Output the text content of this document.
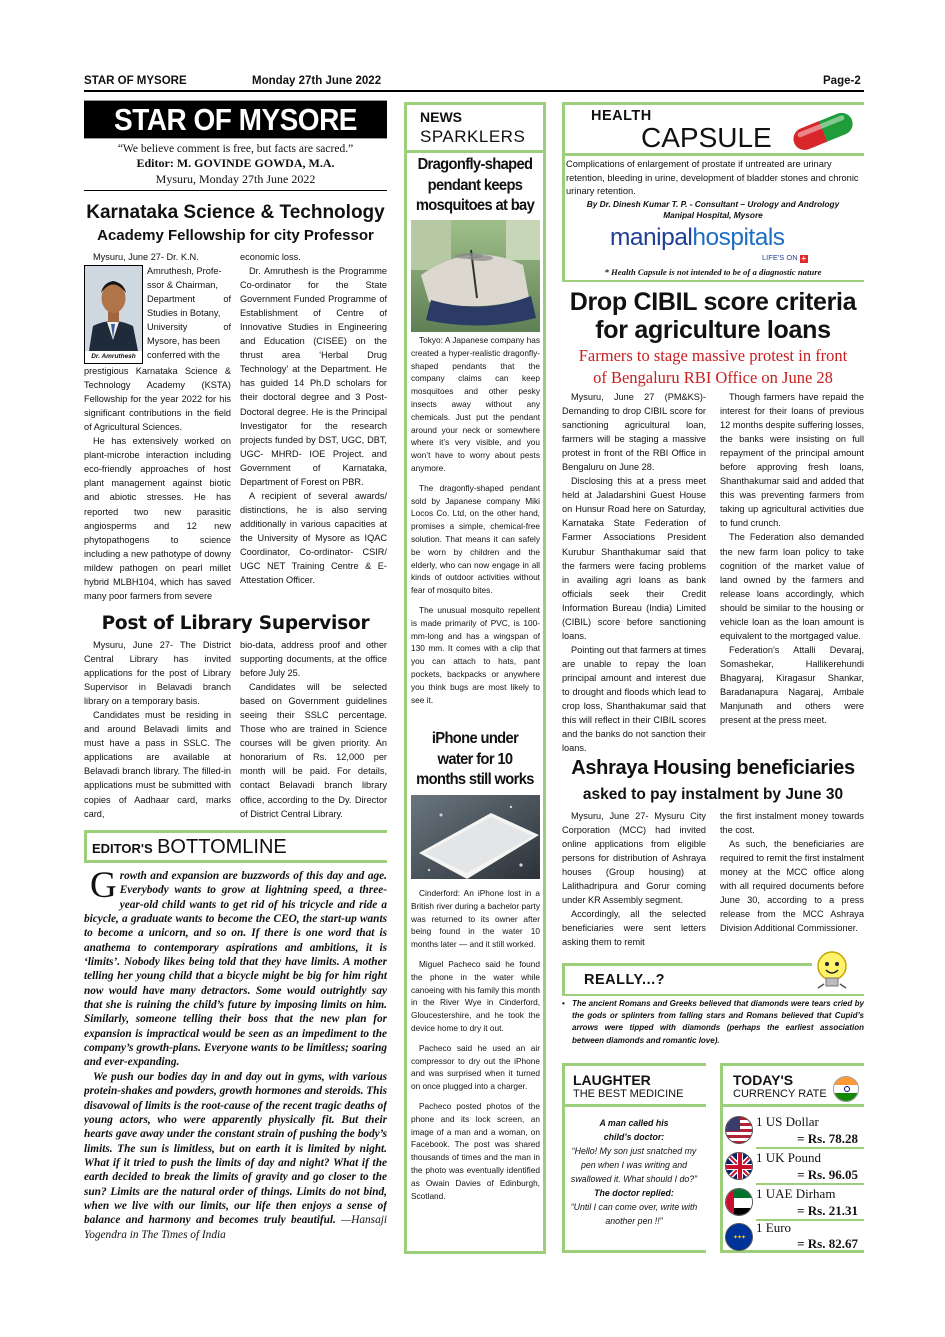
STAR OF MYSORE	Monday 27th June 2022	Page-2
STAR OF MYSORE
“We believe comment is free, but facts are sacred.”
Editor: M. GOVINDE GOWDA, M.A.
Mysuru, Monday 27th June 2022
Karnataka Science & Technology
Academy Fellowship for city Professor

Mysuru, June 27- Dr. K.N.

Dr. Amruthesh

Amruthesh, Profe-

ssor & Chairman,

Department of

Studies in Botany,

University of

Mysore, has been

conferred with the

prestigious Karnataka Science & Technology Academy (KSTA) Fellowship for the year 2022 for his significant contributions in the field of Agricultural Sciences.

He has extensively worked on plant-microbe interaction including eco-friendly approaches of host plant management against biotic and abiotic stresses. He has reported two new parasitic angiosperms and 12 new phytopathogens to science including a new pathotype of downy mildew pathogen on pearl millet hybrid MLBH104, which has saved many poor farmers from severe

economic loss.

Dr. Amruthesh is the Programme Co-ordinator for the State Government Funded Programme of Establishment of Centre of Innovative Studies in Engineering and Education (CISEE) on the thrust area ‘Herbal Drug Technology’ at the Department. He has guided 14 Ph.D scholars for their doctoral degree and 3 Post-Doctoral degree. He is the Principal Investigator for the research projects funded by DST, UGC, DBT, UGC- MHRD- IOE Project. and Government of Karnataka, Department of Forest on PBR.

A recipient of several awards/ distinctions, he is also serving additionally in various capacities at the University of Mysore as IQAC Coordinator, Co-ordinator- CSIR/ UGC NET Training Centre & E-Attestation Officer.

Post of Library Supervisor

Mysuru, June 27- The District Central Library has invited applications for the post of Library Supervisor in Belavadi branch library on a temporary basis.

Candidates must be residing in and around Belavadi limits and must have a pass in SSLC. The applications are available at Belavadi branch library. The filled-in applications must be submitted with copies of Aadhaar card, marks card,

bio-data, address proof and other supporting documents, at the office before July 25.

Candidates will be selected based on Government guidelines seeing their SSLC percentage. Those who are trained in Science courses will be given priority. An honorarium of Rs. 12,000 per month will be paid. For details, contact Belavadi branch library office, according to the Dy. Director of District Central Library.

EDITOR'S BOTTOMLINE

Growth and expansion are buzzwords of this day and age. Everybody wants to grow at lightning speed, a three-year-old child wants to get rid of his tricycle and ride a bicycle, a graduate wants to become the CEO, the start-up wants to become a unicorn, and so on. If there is one word that is anathema to contemporary aspirations and ambitions, it is ‘limits’. Nobody likes being told that they have limits. A mother telling her young child that a bicycle might be big for him right now would have many detractors. Some would outrightly say that she is ruining the child’s future by imposing limits on him. Similarly, someone telling their boss that the new plan for expansion is impractical would be seen as an impediment to the company’s growth-plans. Everyone wants to be limitless; soaring and ever-expanding.

We push our bodies day in and day out in gyms, with various protein-shakes and powders, growth hormones and steroids. This disavowal of limits is the root-cause of the recent tragic deaths of young actors, who were apparently physically fit. But their hearts gave away under the constant strain of pushing the body’s limits. The sun is limitless, but on earth it is limited by night. What if it tried to push the limits of day and night? What if the earth decided to break the limits of gravity and go closer to the sun? Limits are the natural order of things. Limits do not bind, when we live with our limits, our life then enjoys a sense of balance and harmony and becomes truly beautiful. —Hansaji Yogendra in The Times of India

NEWS
SPARKLERS
Dragonfly-shaped pendant keeps mosquitoes at bay

Tokyo: A Japanese company has created a hyper-realistic dragonfly-shaped pendants that the company claims can keep mosquitoes and other pesky insects away without any chemicals. Just put the pendant around your neck or somewhere where it’s very visible, and you won’t have to worry about pests anymore.

The dragonfly-shaped pendant sold by Japanese company Miki Locos Co. Ltd, on the other hand, promises a simple, chemical-free solution. That means it can safely be worn by children and the elderly, who can now engage in all kinds of outdoor activities without fear of mosquito bites.

The unusual mosquito repellent is made primarily of PVC, is 100-mm-long and has a wingspan of 130 mm. It comes with a clip that you can attach to hats, pant pockets, backpacks or anywhere you think bugs are most likely to see it.

iPhone under water for 10 months still works

Cinderford: An iPhone lost in a British river during a bachelor party was returned to its owner after being found in the water 10 months later — and it still worked.

Miguel Pacheco said he found the phone in the water while canoeing with his family this month in the River Wye in Cinderford, Gloucestershire, and he took the device home to dry it out.

Pacheco said he used an air compressor to dry out the iPhone and was surprised when it turned on once plugged into a charger.

Pacheco posted photos of the phone and its lock screen, an image of a man and a woman, on Facebook. The post was shared thousands of times and the man in the photo was eventually identified as Owain Davies of Edinburgh, Scotland.

HEALTH
CAPSULE
Complications of enlargement of prostate if untreated are urinary retention, bleeding in urine, development of bladder stones and chronic urinary retention.
By Dr. Dinesh Kumar T. P. - Consultant – Urology and Andrology
Manipal Hospital, Mysore
manipalhospitals
LIFE'S ON +
* Health Capsule is not intended to be of a diagnostic nature
Drop CIBIL score criteria
for agriculture loans
Farmers to stage massive protest in front
of Bengaluru RBI Office on June 28

Mysuru, June 27 (PM&KS)- Demanding to drop CIBIL score for sanctioning agricultural loan, farmers will be staging a massive protest in front of the RBI Office in Bengaluru on June 28.

Disclosing this at a press meet held at Jaladarshini Guest House on Hunsur Road here on Saturday, Karnataka State Federation of Farmer Associations President Kurubur Shanthakumar said that the farmers were facing problems in availing agri loans as bank officials seek their Credit Information Bureau (India) Limited (CIBIL) score before sanctioning loans.

Pointing out that farmers at times are unable to repay the loan principal amount and interest due to drought and floods which lead to crop loss, Shanthakumar said that this will reflect in their CIBIL scores and the banks do not sanction their loans.

Though farmers have repaid the interest for their loans of previous 12 months despite suffering losses, the banks were insisting on full repayment of the principal amount before approving fresh loans, Shanthakumar said and added that this was preventing farmers from taking up agricultural activities due to fund crunch.

The Federation also demanded the new farm loan policy to take cognition of the market value of land owned by the farmers and release loans accordingly, which should be similar to the housing or vehicle loan as the loan amount is equivalent to the mortgaged value.

Federation’s Attalli Devaraj, Somashekar, Hallikerehundi Bhagyaraj, Kiragasur Shankar, Baradanapura Nagaraj, Ambale Manjunath and others were present at the press meet.

Ashraya Housing beneficiaries
asked to pay instalment by June 30

Mysuru, June 27- Mysuru City Corporation (MCC) had invited online applications from eligible persons for distribution of Ashraya houses (Group housing) at Lalithadripura and Gorur coming under KR Assembly segment.

Accordingly, all the selected beneficiaries were sent letters asking them to remit

the first instalment money towards the cost.

As such, the beneficiaries are required to remit the first instalment money at the MCC office along with all required documents before June 30, according to a press release from the MCC Ashraya Division Additional Commissioner.

REALLY...?
• The ancient Romans and Greeks believed that diamonds were tears cried by the gods or splinters from falling stars and Romans believed that Cupid’s arrows were tipped with diamonds (perhaps the earliest association between diamonds and romantic love).
LAUGHTER
THE BEST MEDICINE
A man called his
child’s doctor:
“Hello! My son just snatched my pen when I was writing and swallowed it. What should I do?”
The doctor replied:
“Until I can come over, write with another pen !!”
TODAY'S
CURRENCY RATE
1 US Dollar
= Rs. 78.28
1 UK Pound
= Rs. 96.05
1 UAE Dirham
= Rs. 21.31
✦✦✦
1 Euro
= Rs. 82.67
